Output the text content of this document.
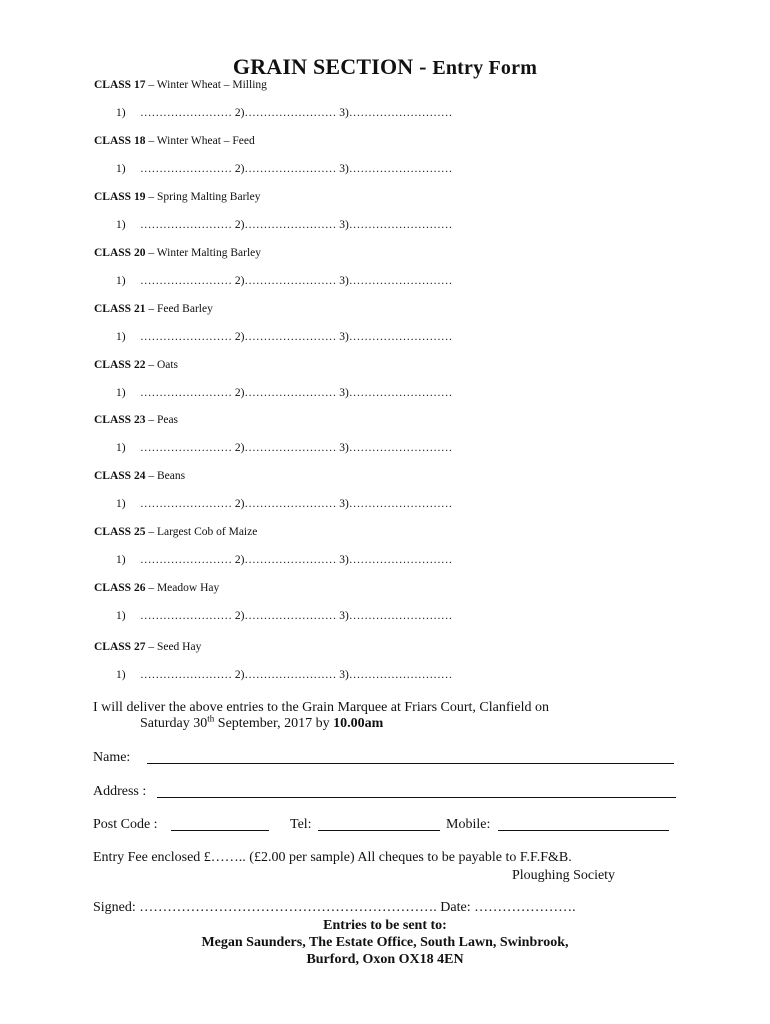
GRAIN SECTION - Entry Form
CLASS 17 – Winter Wheat – Milling
1)     …………………… 2)…………………… 3)………………………
CLASS 18 – Winter Wheat – Feed
1)     …………………… 2)…………………… 3)………………………
CLASS 19 – Spring Malting Barley
1)     …………………… 2)…………………… 3)………………………
CLASS 20 – Winter Malting Barley
1)     …………………… 2)…………………… 3)………………………
CLASS 21 – Feed Barley
1)     …………………… 2)…………………… 3)………………………
CLASS 22 – Oats
1)     …………………… 2)…………………… 3)………………………
CLASS 23 – Peas
1)     …………………… 2)…………………… 3)………………………
CLASS 24 – Beans
1)     …………………… 2)…………………… 3)………………………
CLASS 25 – Largest Cob of Maize
1)     …………………… 2)…………………… 3)………………………
CLASS 26 – Meadow Hay
1)     …………………… 2)…………………… 3)………………………
CLASS 27 – Seed Hay
1)     …………………… 2)…………………… 3)………………………
I will deliver the above entries to the Grain Marquee at Friars Court, Clanfield on
Saturday 30th September, 2017 by 10.00am
Name:
Address :
Post Code :	Tel:	Mobile:
Entry Fee enclosed £…….. (£2.00 per sample) All cheques to be payable to F.F.F&B.
Ploughing Society
Signed: ………………………………………………………. Date: ………………….
Entries to be sent to:
Megan Saunders, The Estate Office, South Lawn, Swinbrook,
Burford, Oxon OX18 4EN
